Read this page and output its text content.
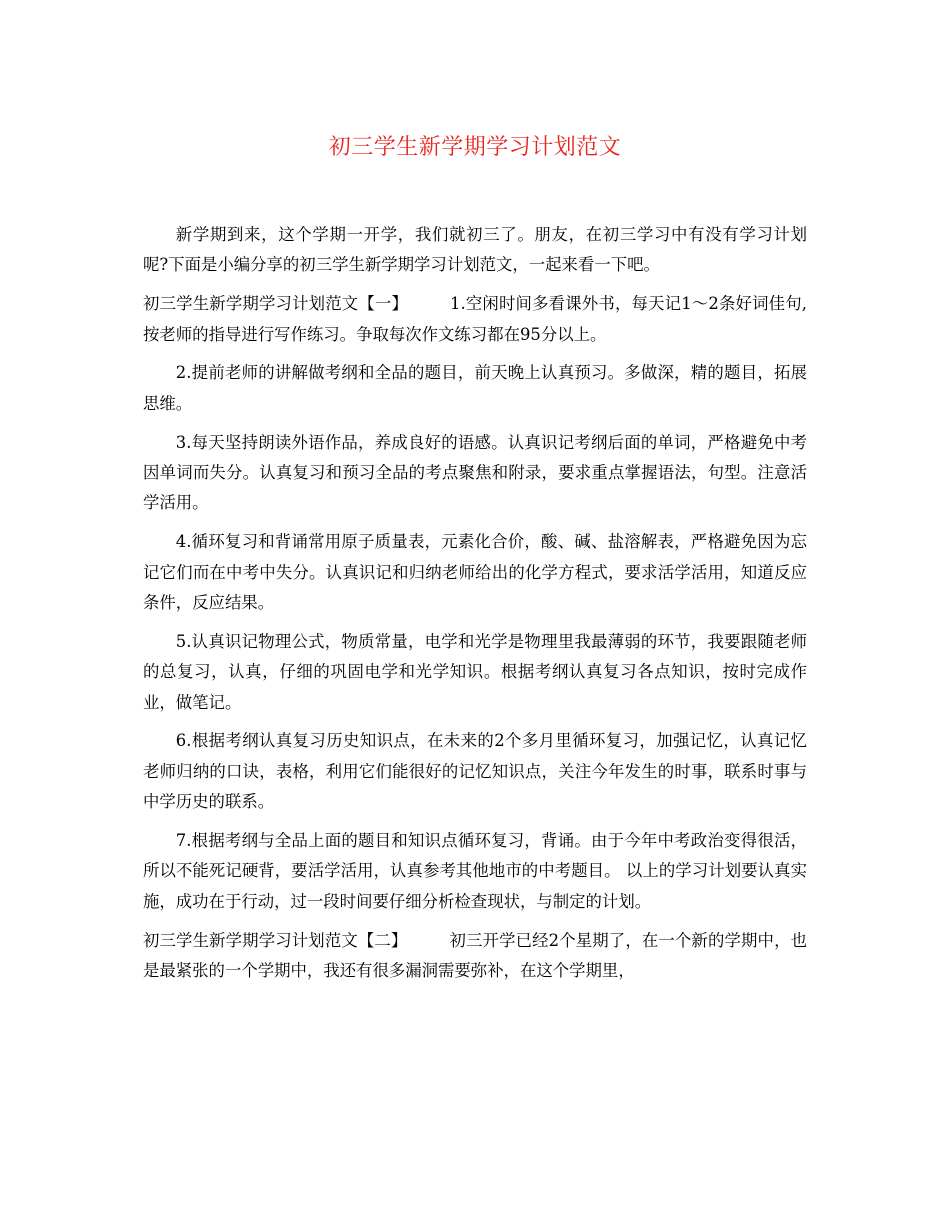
初三学生新学期学习计划范文

新学期到来，这个学期一开学，我们就初三了。朋友，在初三学习中有没有学习计划呢?下面是小编分享的初三学生新学期学习计划范文，一起来看一下吧。

初三学生新学期学习计划范文【一】	1.空闲时间多看课外书，每天记1～2条好词佳句,按老师的指导进行写作练习。争取每次作文练习都在95分以上。

2.提前老师的讲解做考纲和全品的题目，前天晚上认真预习。多做深，精的题目，拓展思维。

3.每天坚持朗读外语作品，养成良好的语感。认真识记考纲后面的单词，严格避免中考因单词而失分。认真复习和预习全品的考点聚焦和附录，要求重点掌握语法，句型。注意活学活用。

4.循环复习和背诵常用原子质量表，元素化合价，酸、碱、盐溶解表，严格避免因为忘记它们而在中考中失分。认真识记和归纳老师给出的化学方程式，要求活学活用，知道反应条件，反应结果。

5.认真识记物理公式，物质常量，电学和光学是物理里我最薄弱的环节，我要跟随老师的总复习，认真，仔细的巩固电学和光学知识。根据考纲认真复习各点知识，按时完成作业，做笔记。

6.根据考纲认真复习历史知识点，在未来的2个多月里循环复习，加强记忆，认真记忆老师归纳的口诀，表格，利用它们能很好的记忆知识点，关注今年发生的时事，联系时事与中学历史的联系。

7.根据考纲与全品上面的题目和知识点循环复习，背诵。由于今年中考政治变得很活，所以不能死记硬背，要活学活用，认真参考其他地市的中考题目。 以上的学习计划要认真实施，成功在于行动，过一段时间要仔细分析检查现状，与制定的计划。

初三学生新学期学习计划范文【二】	初三开学已经2个星期了，在一个新的学期中，也是最紧张的一个学期中，我还有很多漏洞需要弥补，在这个学期里，
